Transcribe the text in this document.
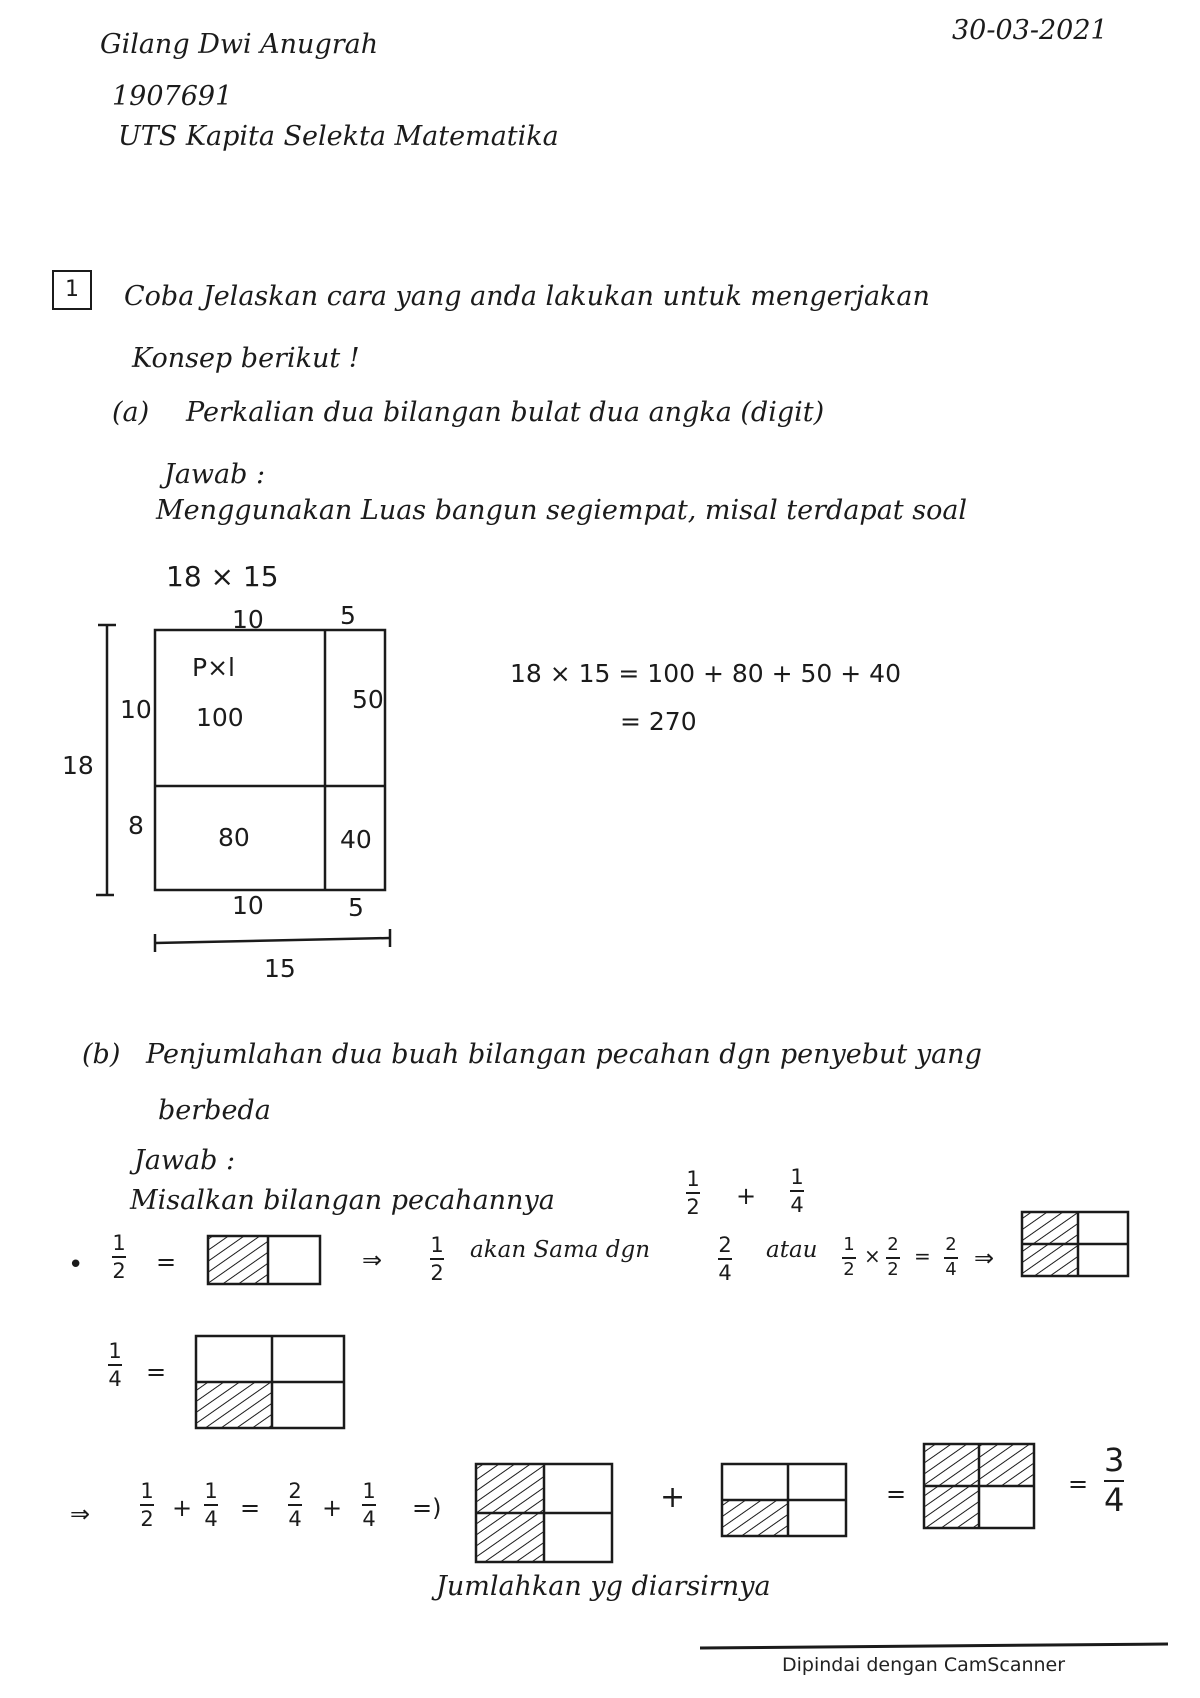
Gilang Dwi Anugrah
1907691
UTS Kapita Selekta Matematika
30-03-2021
1	Coba Jelaskan cara yang anda lakukan untuk mengerjakan
Konsep berikut !
(a) Perkalian dua bilangan bulat dua angka (digit)
Jawab :
Menggunakan Luas bangun segiempat, misal terdapat soal
18 × 15
10	5
10
8
18
10	5
15
P×l
100
50
80	40
18 × 15 = 100 + 80 + 50 + 40
= 270
(b) Penjumlahan dua buah bilangan pecahan dgn penyebut yang
berbeda
Jawab :
Misalkan bilangan pecahannya
1
2 +
1
4
•
1
2 =	⇒
1
2
akan Sama dgn	2
4
atau 1
2
× 2
2
= 2
4 ⇒
1
4 =
⇒
1
2 +
1
4 =
2
4 +
1
4 =)	+	=	=
3
4
Jumlahkan yg diarsirnya
Dipindai dengan CamScanner
